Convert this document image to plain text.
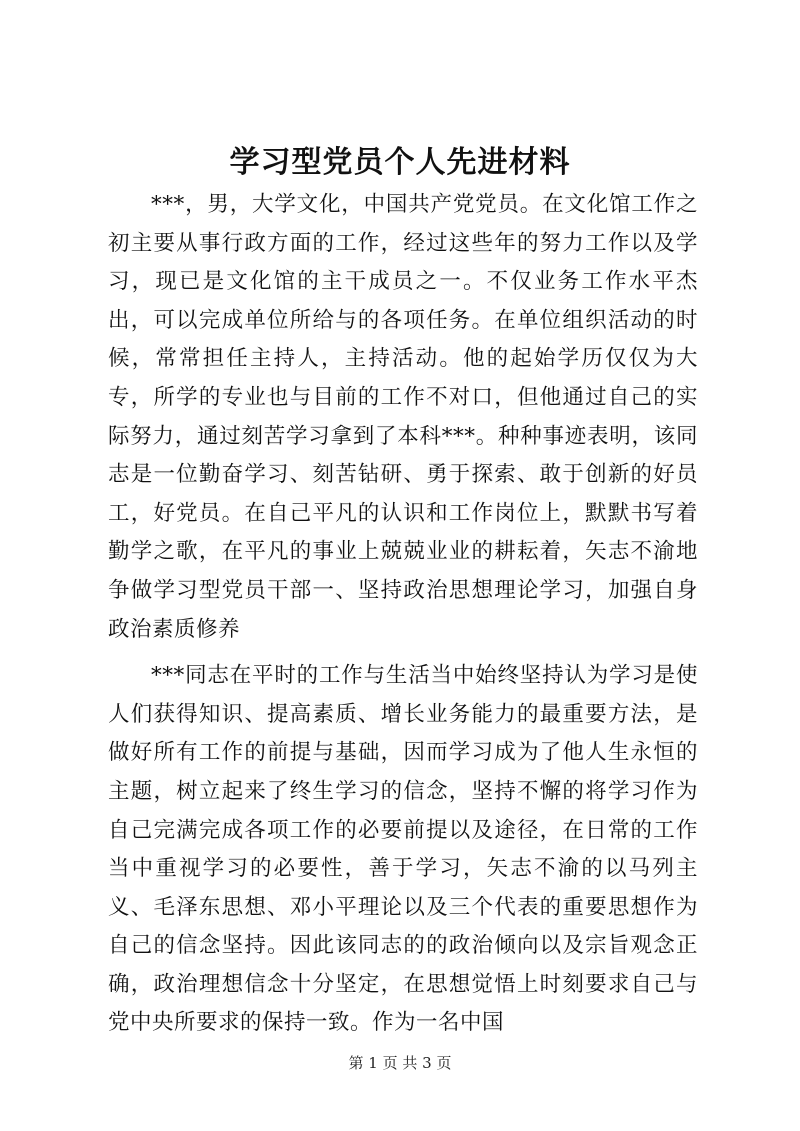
学习型党员个人先进材料

***，男，大学文化，中国共产党党员。在文化馆工作之初主要从事行政方面的工作，经过这些年的努力工作以及学习，现已是文化馆的主干成员之一。不仅业务工作水平杰出，可以完成单位所给与的各项任务。在单位组织活动的时候，常常担任主持人，主持活动。他的起始学历仅仅为大专，所学的专业也与目前的工作不对口，但他通过自己的实际努力，通过刻苦学习拿到了本科***。种种事迹表明，该同志是一位勤奋学习、刻苦钻研、勇于探索、敢于创新的好员工，好党员。在自己平凡的认识和工作岗位上，默默书写着勤学之歌，在平凡的事业上兢兢业业的耕耘着，矢志不渝地争做学习型党员干部一、坚持政治思想理论学习，加强自身政治素质修养

***同志在平时的工作与生活当中始终坚持认为学习是使人们获得知识、提高素质、增长业务能力的最重要方法，是做好所有工作的前提与基础，因而学习成为了他人生永恒的主题，树立起来了终生学习的信念，坚持不懈的将学习作为自己完满完成各项工作的必要前提以及途径，在日常的工作当中重视学习的必要性，善于学习，矢志不渝的以马列主义、毛泽东思想、邓小平理论以及三个代表的重要思想作为自己的信念坚持。因此该同志的的政治倾向以及宗旨观念正确，政治理想信念十分坚定，在思想觉悟上时刻要求自己与党中央所要求的保持一致。作为一名中国

第 1 页 共 3 页
